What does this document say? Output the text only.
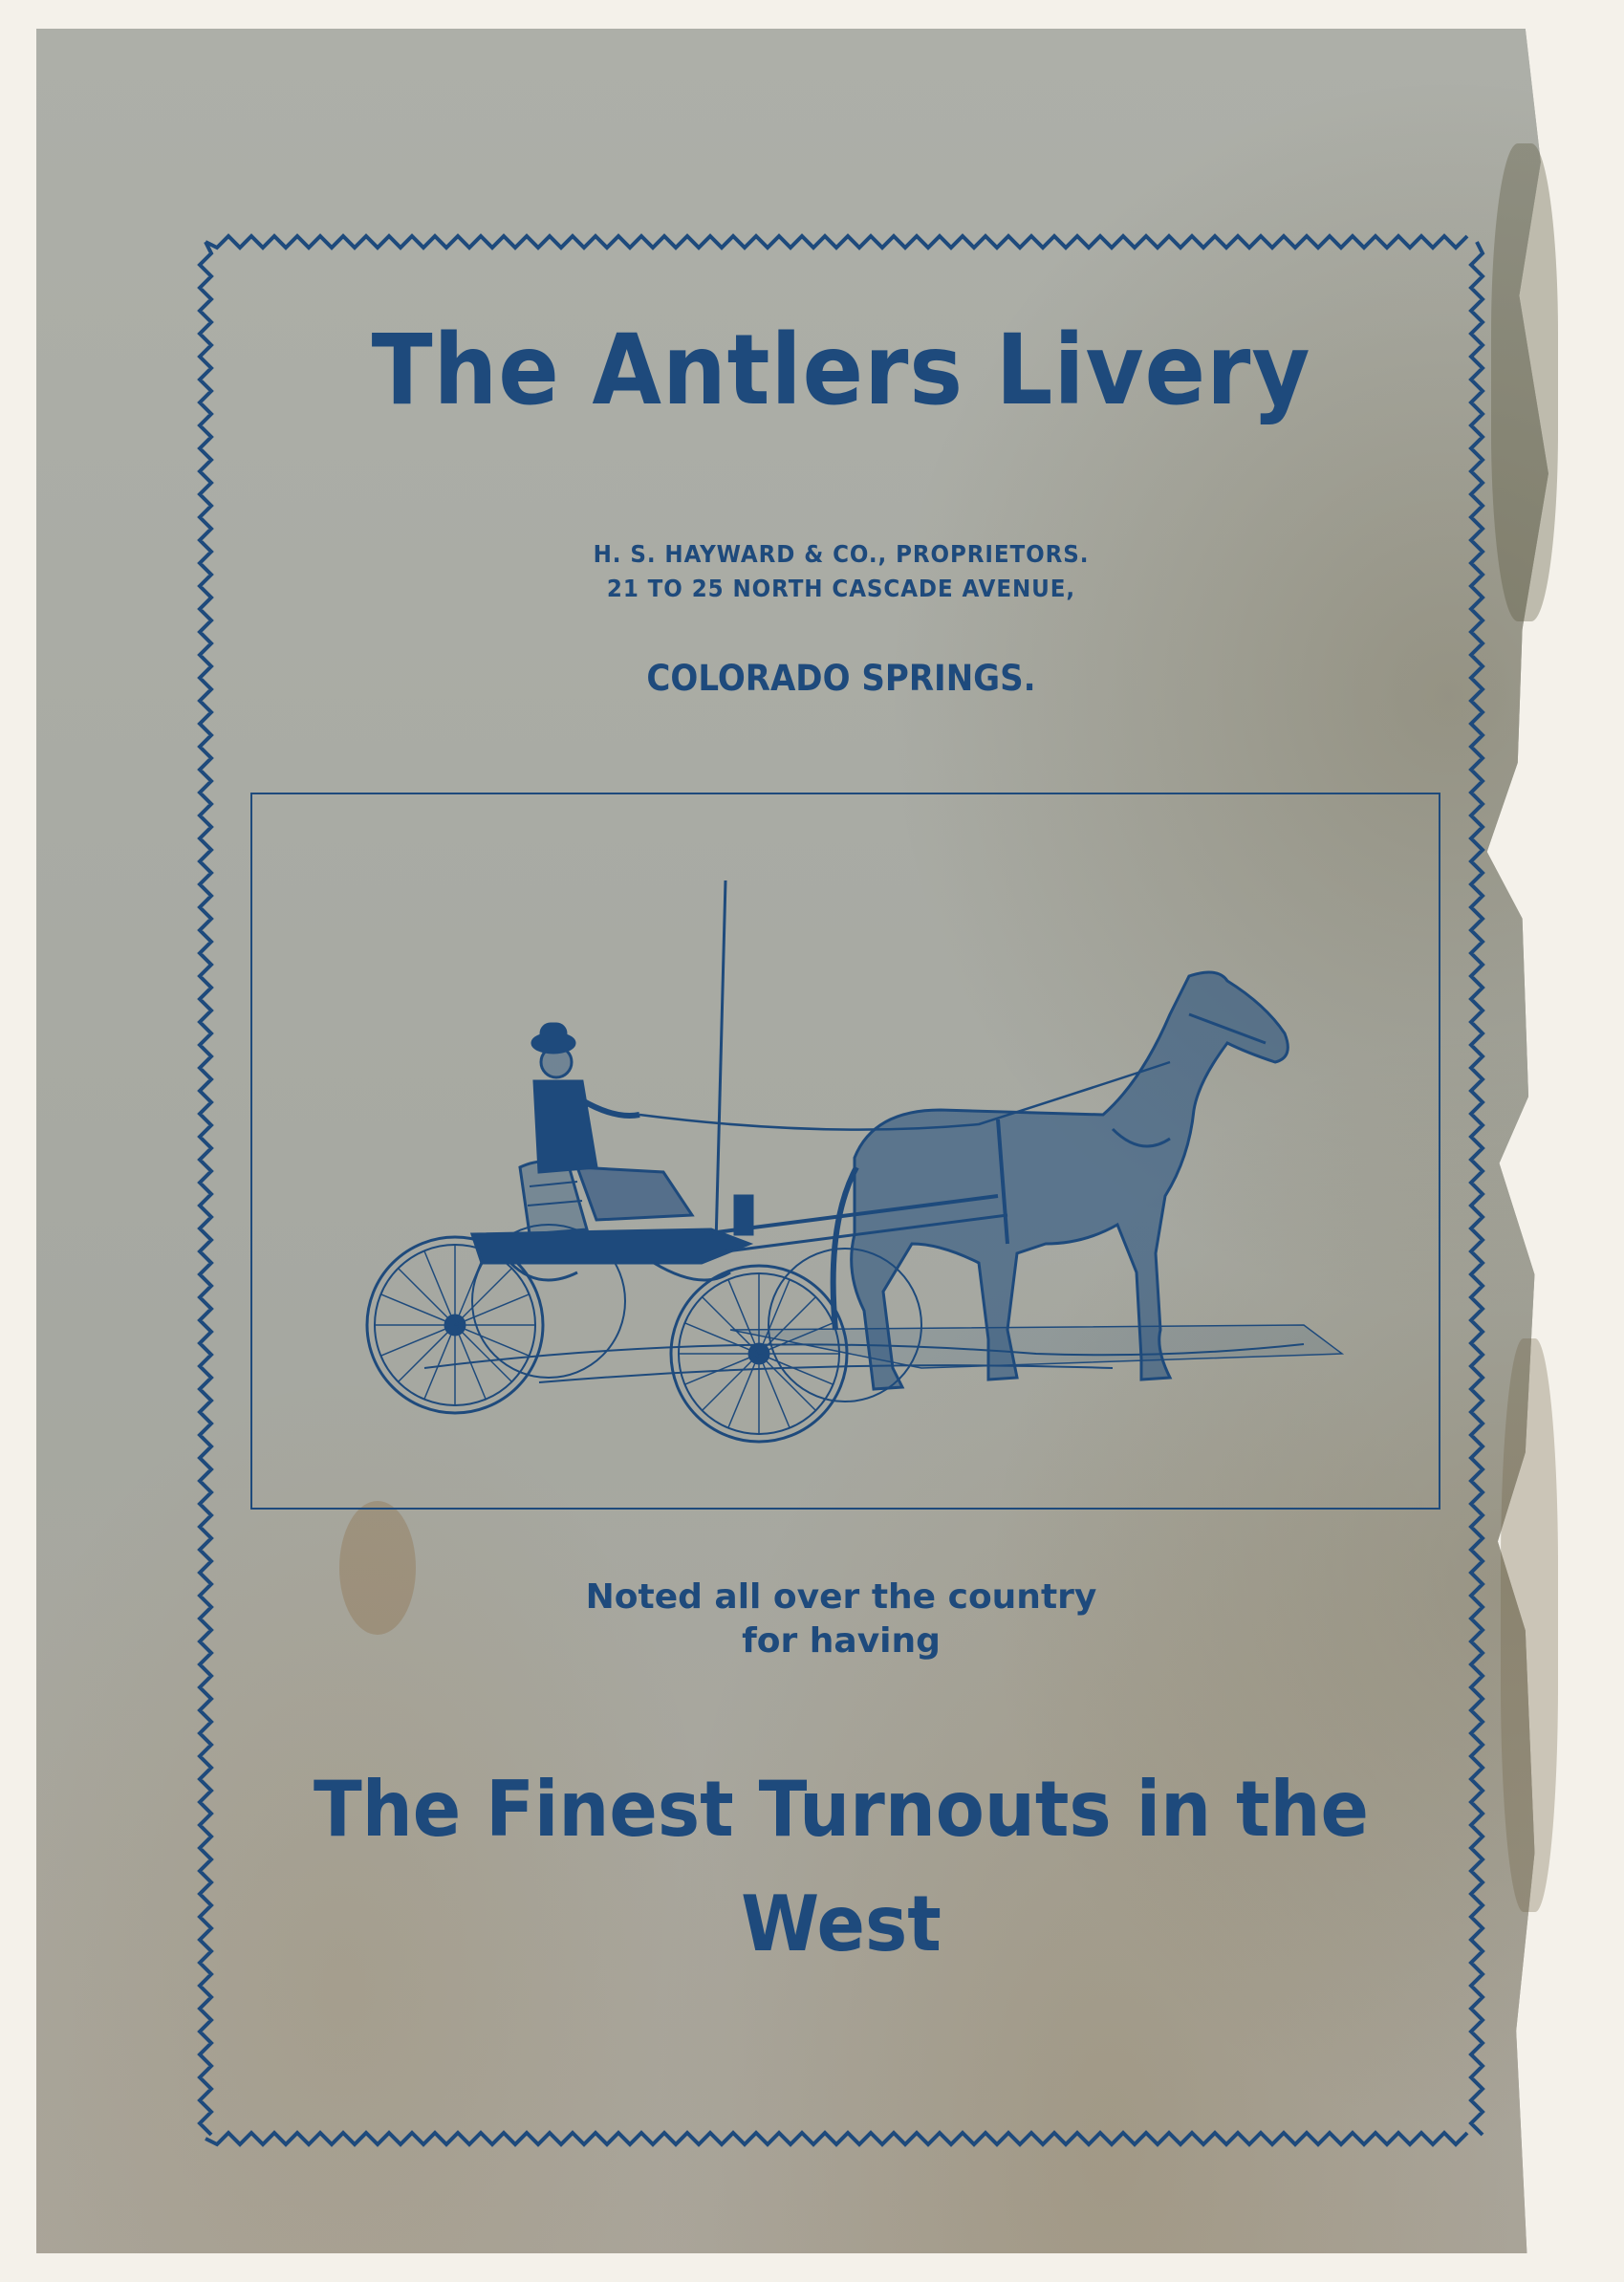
The Antlers Livery
H. S. HAYWARD & CO., PROPRIETORS.
21 TO 25 NORTH CASCADE AVENUE,
COLORADO SPRINGS.
Noted all over the country
for having
The Finest Turnouts in the
West
